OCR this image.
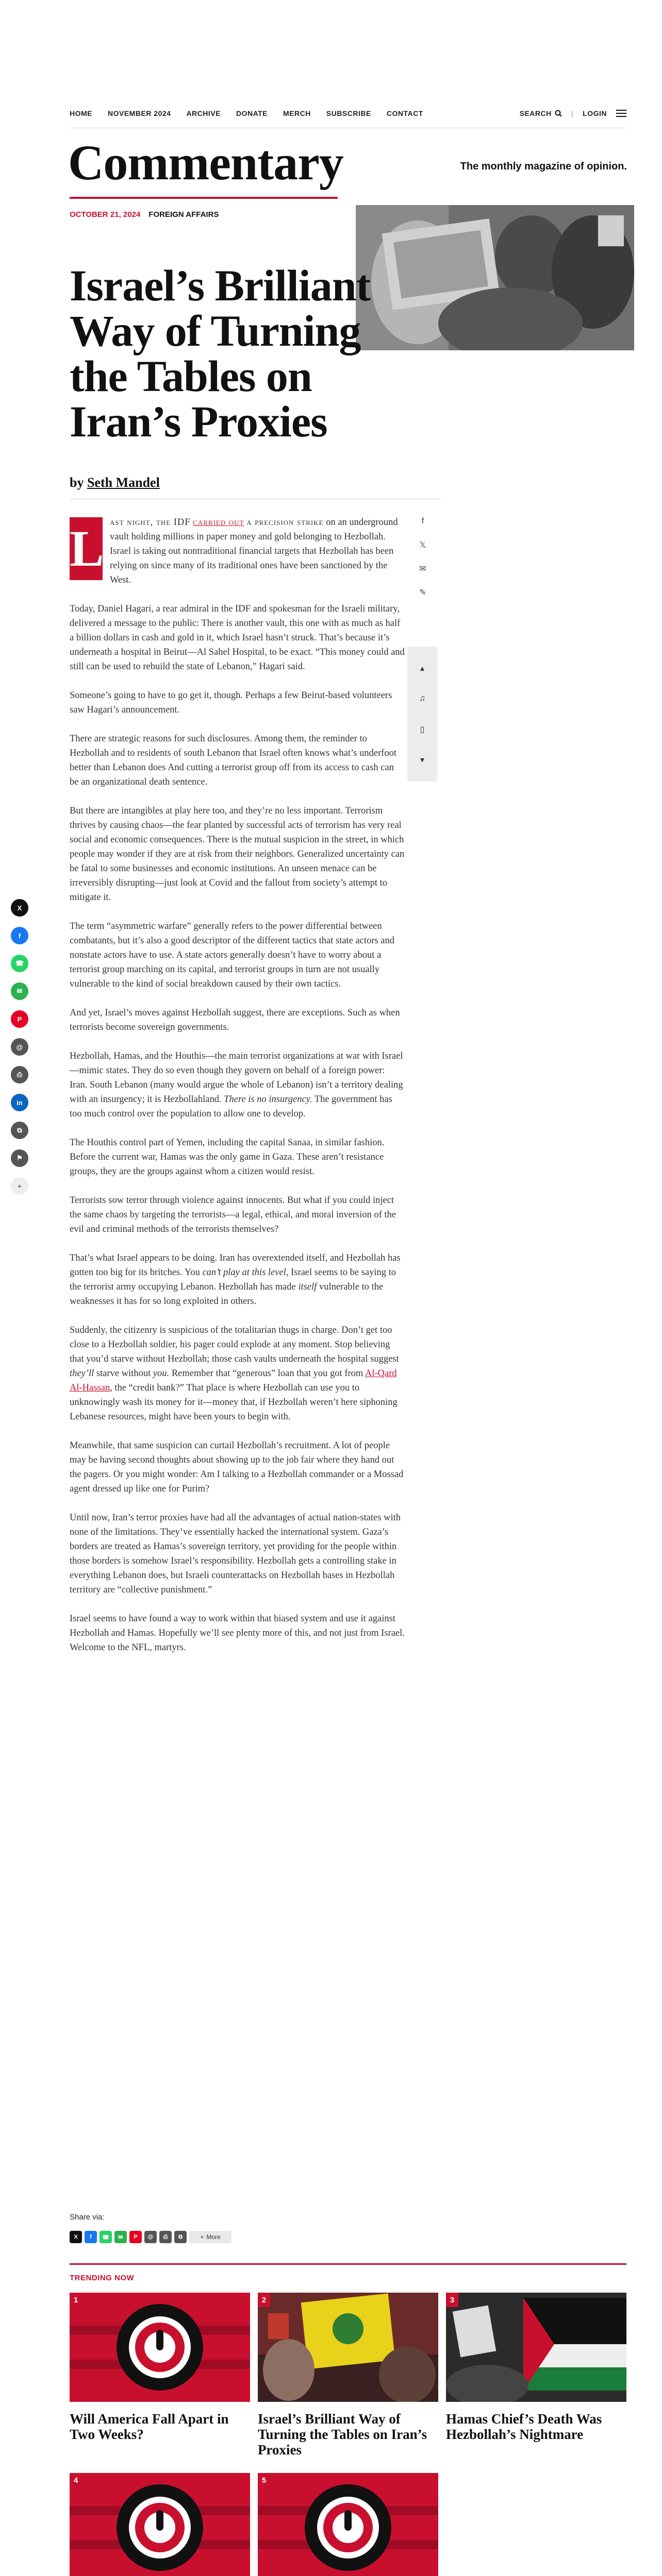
HOME NOVEMBER 2024 ARCHIVE DONATE MERCH SUBSCRIBE CONTACT	SEARCH	| LOGIN
Commentary	The monthly magazine of opinion.
OCTOBER 21, 2024 FOREIGN AFFAIRS
Israel’s Brilliant Way of Turning the Tables on Iran’s Proxies
by Seth Mandel

L ast night, the IDF carried out a precision strike on an underground vault holding millions in paper money and gold belonging to Hezbollah. Israel is taking out nontraditional financial targets that Hezbollah has been relying on since many of its traditional ones have been sanctioned by the West.

Today, Daniel Hagari, a rear admiral in the IDF and spokesman for the Israeli military, delivered a message to the public: There is another vault, this one with as much as half a billion dollars in cash and gold in it, which Israel hasn’t struck. That’s because it’s underneath a hospital in Beirut—Al Sahel Hospital, to be exact. “This money could and still can be used to rebuild the state of Lebanon,” Hagari said.

Someone’s going to have to go get it, though. Perhaps a few Beirut-based volunteers saw Hagari’s announcement.

There are strategic reasons for such disclosures. Among them, the reminder to Hezbollah and to residents of south Lebanon that Israel often knows what’s underfoot better than Lebanon does And cutting a terrorist group off from its access to cash can be an organizational death sentence.

But there are intangibles at play here too, and they’re no less important. Terrorism thrives by causing chaos—the fear planted by successful acts of terrorism has very real social and economic consequences. There is the mutual suspicion in the street, in which people may wonder if they are at risk from their neighbors. Generalized uncertainty can be fatal to some businesses and economic institutions. An unseen menace can be irreversibly disrupting—just look at Covid and the fallout from society’s attempt to mitigate it.

The term “asymmetric warfare” generally refers to the power differential between combatants, but it’s also a good descriptor of the different tactics that state actors and nonstate actors have to use. A state actors generally doesn’t have to worry about a terrorist group marching on its capital, and terrorist groups in turn are not usually vulnerable to the kind of social breakdown caused by their own tactics.

And yet, Israel’s moves against Hezbollah suggest, there are exceptions. Such as when terrorists become sovereign governments.

Hezbollah, Hamas, and the Houthis—the main terrorist organizations at war with Israel—mimic states. They do so even though they govern on behalf of a foreign power: Iran. South Lebanon (many would argue the whole of Lebanon) isn’t a territory dealing with an insurgency; it is Hezbollahland. There is no insurgency. The government has too much control over the population to allow one to develop.

The Houthis control part of Yemen, including the capital Sanaa, in similar fashion. Before the current war, Hamas was the only game in Gaza. These aren’t resistance groups, they are the groups against whom a citizen would resist.

Terrorists sow terror through violence against innocents. But what if you could inject the same chaos by targeting the terrorists—a legal, ethical, and moral inversion of the evil and criminal methods of the terrorists themselves?

That’s what Israel appears to be doing. Iran has overextended itself, and Hezbollah has gotten too big for its britches. You can’t play at this level, Israel seems to be saying to the terrorist army occupying Lebanon. Hezbollah has made itself vulnerable to the weaknesses it has for so long exploited in others.

Suddenly, the citizenry is suspicious of the totalitarian thugs in charge. Don’t get too close to a Hezbollah soldier, his pager could explode at any moment. Stop believing that you’d starve without Hezbollah; those cash vaults underneath the hospital suggest they’ll starve without you. Remember that “generous” loan that you got from Al-Qard Al-Hassan, the “credit bank?” That place is where Hezbollah can use you to unknowingly wash its money for it—money that, if Hezbollah weren’t here siphoning Lebanese resources, might have been yours to begin with.

Meanwhile, that same suspicion can curtail Hezbollah’s recruitment. A lot of people may be having second thoughts about showing up to the job fair where they hand out the pagers. Or you might wonder: Am I talking to a Hezbollah commander or a Mossad agent dressed up like one for Purim?

Until now, Iran’s terror proxies have had all the advantages of actual nation-states with none of the limitations. They’ve essentially hacked the international system. Gaza’s borders are treated as Hamas’s sovereign territory, yet providing for the people within those borders is somehow Israel’s responsibility. Hezbollah gets a controlling stake in everything Lebanon does, but Israeli counterattacks on Hezbollah bases in Hezbollah territory are “collective punishment.”

Israel seems to have found a way to work within that biased system and use it against Hezbollah and Hamas. Hopefully we’ll see plenty more of this, and not just from Israel. Welcome to the NFL, martyrs.

f
𝕏
✉
✎
▴
♫
▯
▾
X
f
☎
✉
P
@
⎙
in
⧉
⚑
+
Share via:
X	f	☎	✉	P	@	⎙	⧉	+ More
TRENDING NOW
1
Will America Fall Apart in Two Weeks?
2
Israel’s Brilliant Way of Turning the Tables on Iran’s Proxies
3
Hamas Chief’s Death Was Hezbollah’s Nightmare
4	5
